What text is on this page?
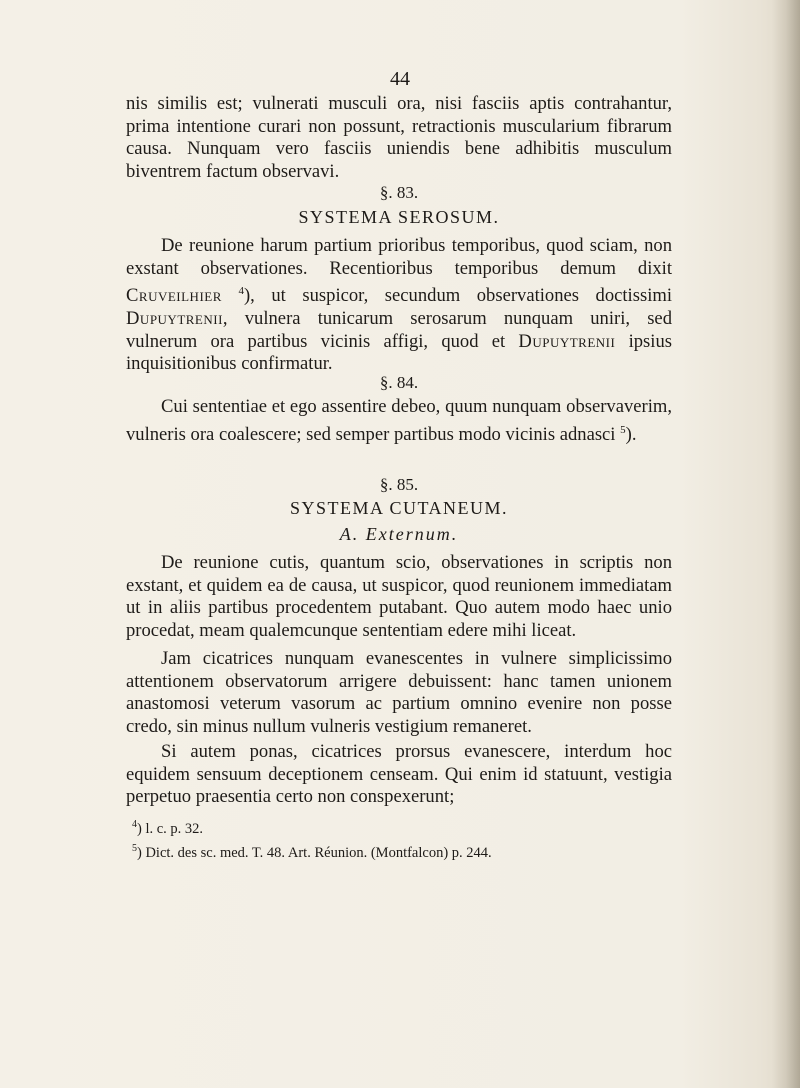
44

nis similis est; vulnerati musculi ora, nisi fasciis aptis contrahantur, prima intentione curari non possunt, retractionis muscularium fibrarum causa. Nunquam vero fasciis uniendis bene adhibitis musculum biventrem factum observavi.

§. 83.

SYSTEMA SEROSUM.

De reunione harum partium prioribus temporibus, quod sciam, non exstant observationes. Recentioribus temporibus demum dixit Cruveilhier $^4$), ut suspicor, secundum observationes doctissimi Dupuytrenii, vulnera tunicarum serosarum nunquam uniri, sed vulnerum ora partibus vicinis affigi, quod et Dupuytrenii ipsius inquisitionibus confirmatur.

§. 84.

Cui sententiae et ego assentire debeo, quum nunquam observaverim, vulneris ora coalescere; sed semper partibus modo vicinis adnasci $^5$).

§. 85.

SYSTEMA CUTANEUM.

A. Externum.

De reunione cutis, quantum scio, observationes in scriptis non exstant, et quidem ea de causa, ut suspicor, quod reunionem immediatam ut in aliis partibus procedentem putabant. Quo autem modo haec unio procedat, meam qualemcunque sententiam edere mihi liceat.

Jam cicatrices nunquam evanescentes in vulnere simplicissimo attentionem observatorum arrigere debuissent: hanc tamen unionem anastomosi veterum vasorum ac partium omnino evenire non posse credo, sin minus nullum vulneris vestigium remaneret.

Si autem ponas, cicatrices prorsus evanescere, interdum hoc equidem sensuum deceptionem censeam. Qui enim id statuunt, vestigia perpetuo praesentia certo non conspexerunt;

$^4$) l. c. p. 32.

$^5$) Dict. des sc. med. T. 48. Art. Réunion. (Montfalcon) p. 244.
